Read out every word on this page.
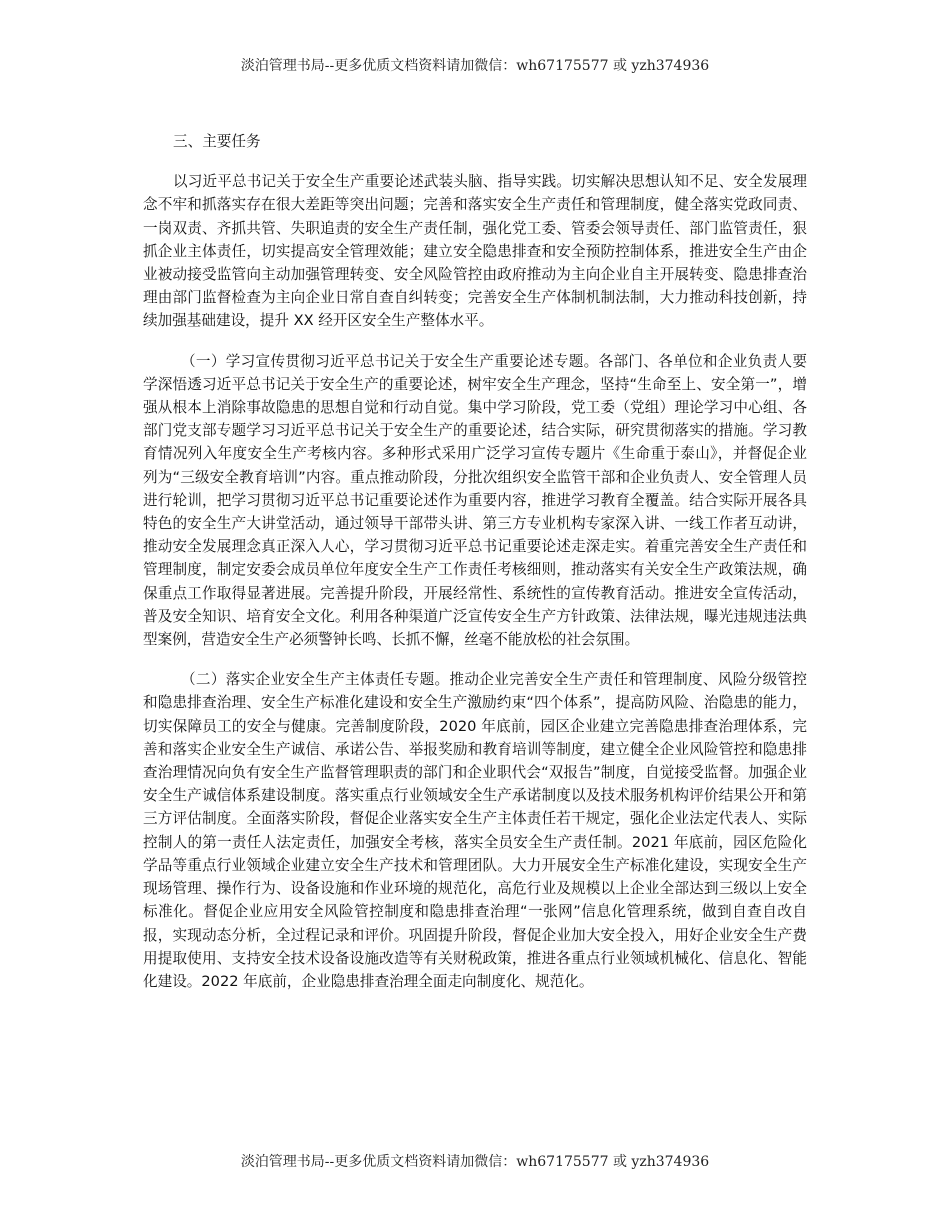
淡泊管理书局--更多优质文档资料请加微信：wh67175577 或 yzh374936

三、主要任务

以习近平总书记关于安全生产重要论述武装头脑、指导实践。切实解决思想认知不足、安全发展理念不牢和抓落实存在很大差距等突出问题；完善和落实安全生产责任和管理制度，健全落实党政同责、一岗双责、齐抓共管、失职追责的安全生产责任制，强化党工委、管委会领导责任、部门监管责任，狠抓企业主体责任，切实提高安全管理效能；建立安全隐患排查和安全预防控制体系，推进安全生产由企业被动接受监管向主动加强管理转变、安全风险管控由政府推动为主向企业自主开展转变、隐患排查治理由部门监督检查为主向企业日常自查自纠转变；完善安全生产体制机制法制，大力推动科技创新，持续加强基础建设，提升 XX 经开区安全生产整体水平。

（一）学习宣传贯彻习近平总书记关于安全生产重要论述专题。各部门、各单位和企业负责人要学深悟透习近平总书记关于安全生产的重要论述，树牢安全生产理念，坚持“生命至上、安全第一”，增强从根本上消除事故隐患的思想自觉和行动自觉。集中学习阶段，党工委（党组）理论学习中心组、各部门党支部专题学习习近平总书记关于安全生产的重要论述，结合实际，研究贯彻落实的措施。学习教育情况列入年度安全生产考核内容。多种形式采用广泛学习宣传专题片《生命重于泰山》，并督促企业列为“三级安全教育培训”内容。重点推动阶段，分批次组织安全监管干部和企业负责人、安全管理人员进行轮训，把学习贯彻习近平总书记重要论述作为重要内容，推进学习教育全覆盖。结合实际开展各具特色的安全生产大讲堂活动，通过领导干部带头讲、第三方专业机构专家深入讲、一线工作者互动讲，推动安全发展理念真正深入人心，学习贯彻习近平总书记重要论述走深走实。着重完善安全生产责任和管理制度，制定安委会成员单位年度安全生产工作责任考核细则，推动落实有关安全生产政策法规，确保重点工作取得显著进展。完善提升阶段，开展经常性、系统性的宣传教育活动。推进安全宣传活动，普及安全知识、培育安全文化。利用各种渠道广泛宣传安全生产方针政策、法律法规，曝光违规违法典型案例，营造安全生产必须警钟长鸣、长抓不懈，丝毫不能放松的社会氛围。

（二）落实企业安全生产主体责任专题。推动企业完善安全生产责任和管理制度、风险分级管控和隐患排查治理、安全生产标准化建设和安全生产激励约束“四个体系”，提高防风险、治隐患的能力，切实保障员工的安全与健康。完善制度阶段，2020 年底前，园区企业建立完善隐患排查治理体系，完善和落实企业安全生产诚信、承诺公告、举报奖励和教育培训等制度，建立健全企业风险管控和隐患排查治理情况向负有安全生产监督管理职责的部门和企业职代会“双报告”制度，自觉接受监督。加强企业安全生产诚信体系建设制度。落实重点行业领域安全生产承诺制度以及技术服务机构评价结果公开和第三方评估制度。全面落实阶段，督促企业落实安全生产主体责任若干规定，强化企业法定代表人、实际控制人的第一责任人法定责任，加强安全考核，落实全员安全生产责任制。2021 年底前，园区危险化学品等重点行业领域企业建立安全生产技术和管理团队。大力开展安全生产标准化建设，实现安全生产现场管理、操作行为、设备设施和作业环境的规范化，高危行业及规模以上企业全部达到三级以上安全标准化。督促企业应用安全风险管控制度和隐患排查治理“一张网”信息化管理系统，做到自查自改自报，实现动态分析，全过程记录和评价。巩固提升阶段，督促企业加大安全投入，用好企业安全生产费用提取使用、支持安全技术设备设施改造等有关财税政策，推进各重点行业领域机械化、信息化、智能化建设。2022 年底前，企业隐患排查治理全面走向制度化、规范化。

淡泊管理书局--更多优质文档资料请加微信：wh67175577 或 yzh374936
